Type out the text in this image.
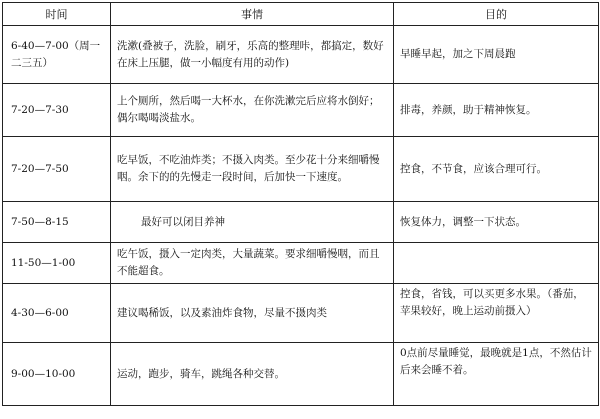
时间	事情	目的
6-40—7-00（周一二三五）	洗漱(叠被子，洗脸，刷牙，乐高的整理咔，都搞定，数好在床上压腿，做一小幅度有用的动作)	早睡早起，加之下周晨跑
7-20—7-30	上个厕所，然后喝一大杯水，在你洗漱完后应将水倒好；偶尔喝喝淡盐水。	排毒，养颜，助于精神恢复。
7-20—7-50	吃早饭，不吃油炸类；不摄入肉类。至少花十分来细嚼慢咽。余下的的先慢走一段时间，后加快一下速度。	控食，不节食，应该合理可行。
7-50—8-15	最好可以闭目养神	恢复体力，调整一下状态。
11-50—1-00	吃午饭，摄入一定肉类，大量蔬菜。要求细嚼慢咽，而且不能超食。	
4-30—6-00	建议喝稀饭，以及素油炸食物，尽量不摄肉类	控食，省钱，可以买更多水果。（番茄，苹果较好，晚上运动前摄入）
9-00—10-00	运动，跑步，骑车，跳绳各种交替。	0点前尽量睡觉，最晚就是1点，不然估计后来会睡不着。
